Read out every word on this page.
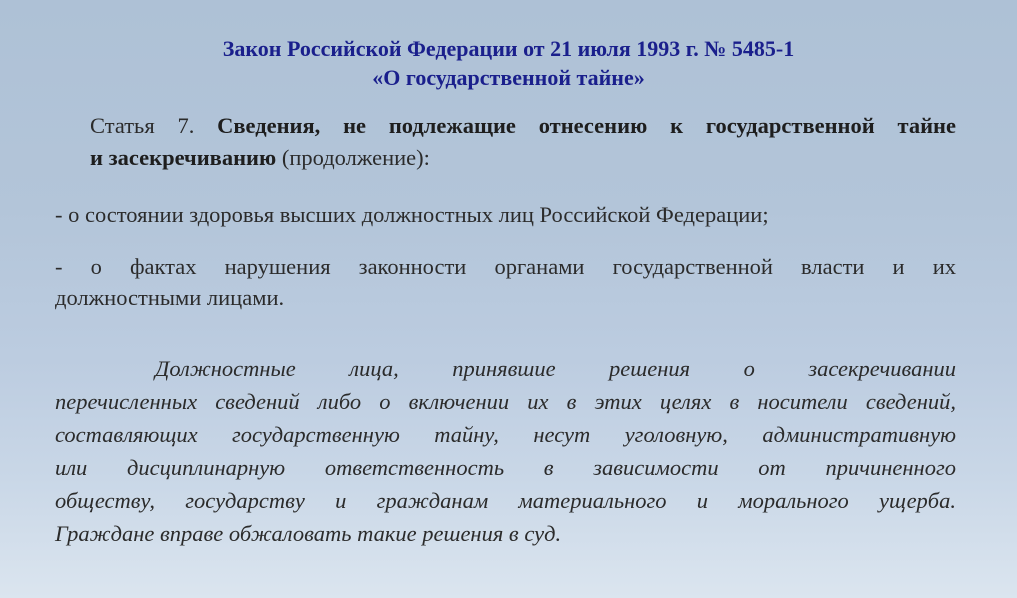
Закон Российской Федерации от 21 июля 1993 г. № 5485-1
«О государственной тайне»
Статья 7. Сведения, не подлежащие отнесению к государственной тайне
и засекречиванию (продолжение):
- о состоянии здоровья высших должностных лиц Российской Федерации;
- о фактах нарушения законности органами государственной власти и их
должностными лицами.
Должностные лица, принявшие решения о засекречивании
перечисленных сведений либо о включении их в этих целях в носители сведений,
составляющих государственную тайну, несут уголовную, административную
или дисциплинарную ответственность в зависимости от причиненного
обществу, государству и гражданам материального и морального ущерба.
Граждане вправе обжаловать такие решения в суд.
